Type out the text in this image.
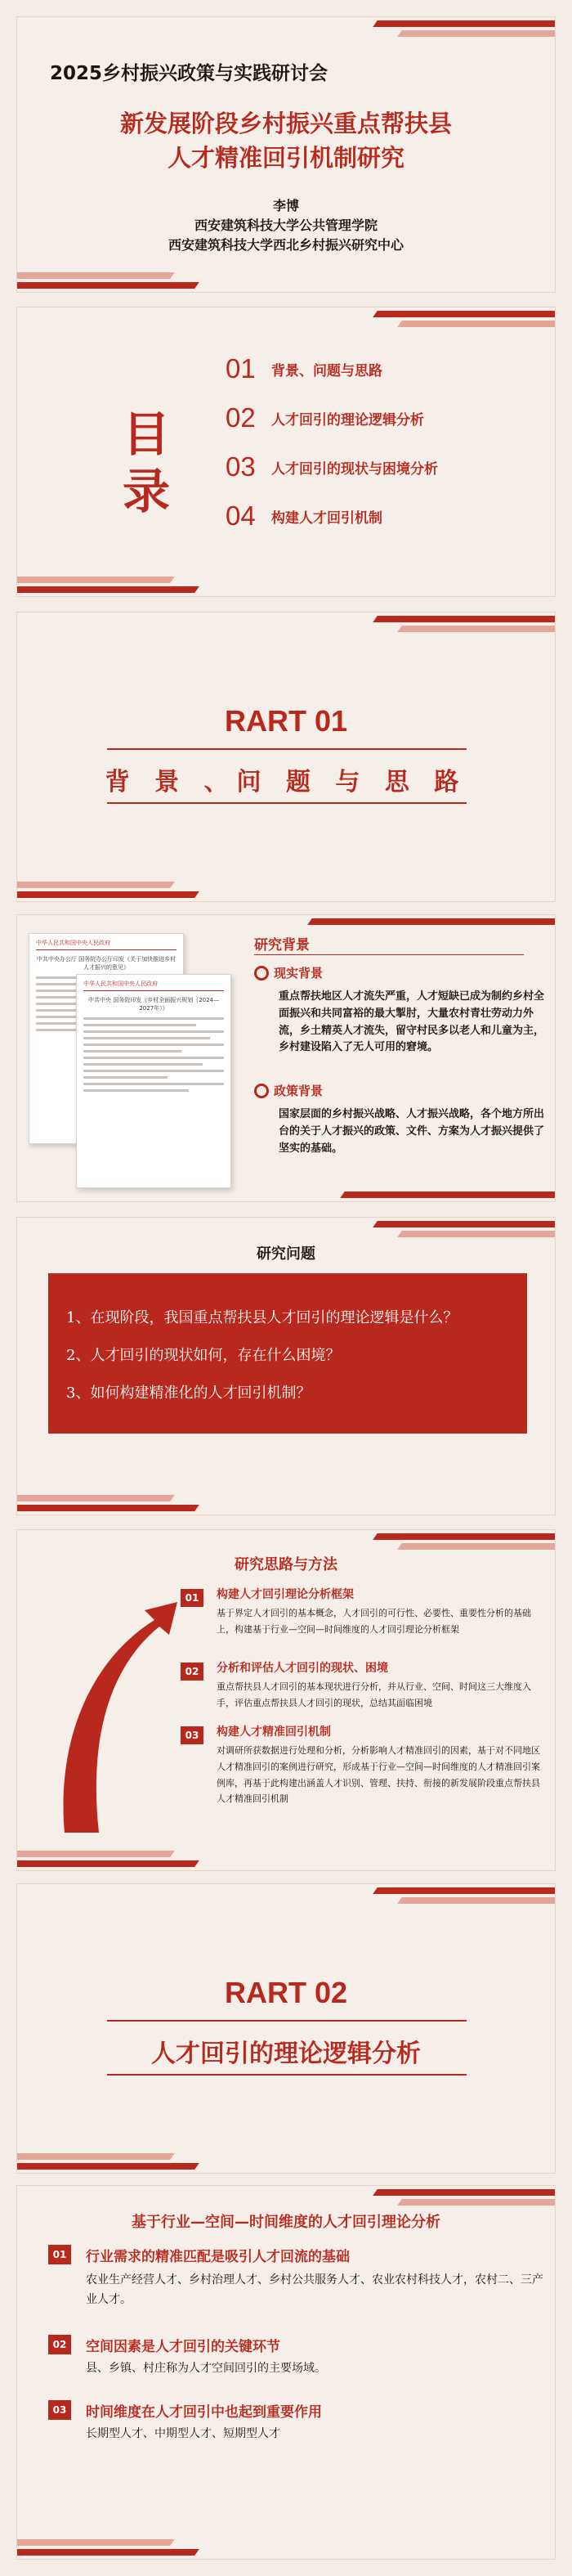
2025乡村振兴政策与实践研讨会
新发展阶段乡村振兴重点帮扶县
人才精准回引机制研究
李博
西安建筑科技大学公共管理学院
西安建筑科技大学西北乡村振兴研究中心
目
录
01	背景、问题与思路
02	人才回引的理论逻辑分析
03	人才回引的现状与困境分析
04	构建人才回引机制
RART 01
背 景 、问 题 与 思 路
中华人民共和国中央人民政府
中共中央办公厅 国务院办公厅印发《关于加快推进乡村人才振兴的意见》
中华人民共和国中央人民政府
中共中央 国务院印发《乡村全面振兴规划（2024—2027年）》
研究背景
现实背景
重点帮扶地区人才流失严重，人才短缺已成为制约乡村全面振兴和共同富裕的最大掣肘，大量农村青壮劳动力外流，乡土精英人才流失，留守村民多以老人和儿童为主，乡村建设陷入了无人可用的窘境。
政策背景
国家层面的乡村振兴战略、人才振兴战略，各个地方所出台的关于人才振兴的政策、文件、方案为人才振兴提供了坚实的基础。
研究问题
1、在现阶段，我国重点帮扶县人才回引的理论逻辑是什么？
2、人才回引的现状如何，存在什么困境？
3、如何构建精准化的人才回引机制？
研究思路与方法
01	构建人才回引理论分析框架
基于界定人才回引的基本概念，人才回引的可行性、必要性、重要性分析的基础上，构建基于行业—空间—时间维度的人才回引理论分析框架
02	分析和评估人才回引的现状、困境
重点帮扶县人才回引的基本现状进行分析，并从行业、空间、时间这三大维度入手，评估重点帮扶县人才回引的现状，总结其面临困境
03	构建人才精准回引机制
对调研所获数据进行处理和分析，分析影响人才精准回引的因素，基于对不同地区人才精准回引的案例进行研究，形成基于行业—空间—时间维度的人才精准回引案例库，再基于此构建出涵盖人才识别、管理、扶持、衔接的新发展阶段重点帮扶县人才精准回引机制
RART 02
人才回引的理论逻辑分析
基于行业—空间—时间维度的人才回引理论分析
01	行业需求的精准匹配是吸引人才回流的基础
农业生产经营人才、乡村治理人才、乡村公共服务人才、农业农村科技人才，农村二、三产业人才。
02	空间因素是人才回引的关键环节
县、乡镇、村庄称为人才空间回引的主要场域。
03	时间维度在人才回引中也起到重要作用
长期型人才、中期型人才、短期型人才
